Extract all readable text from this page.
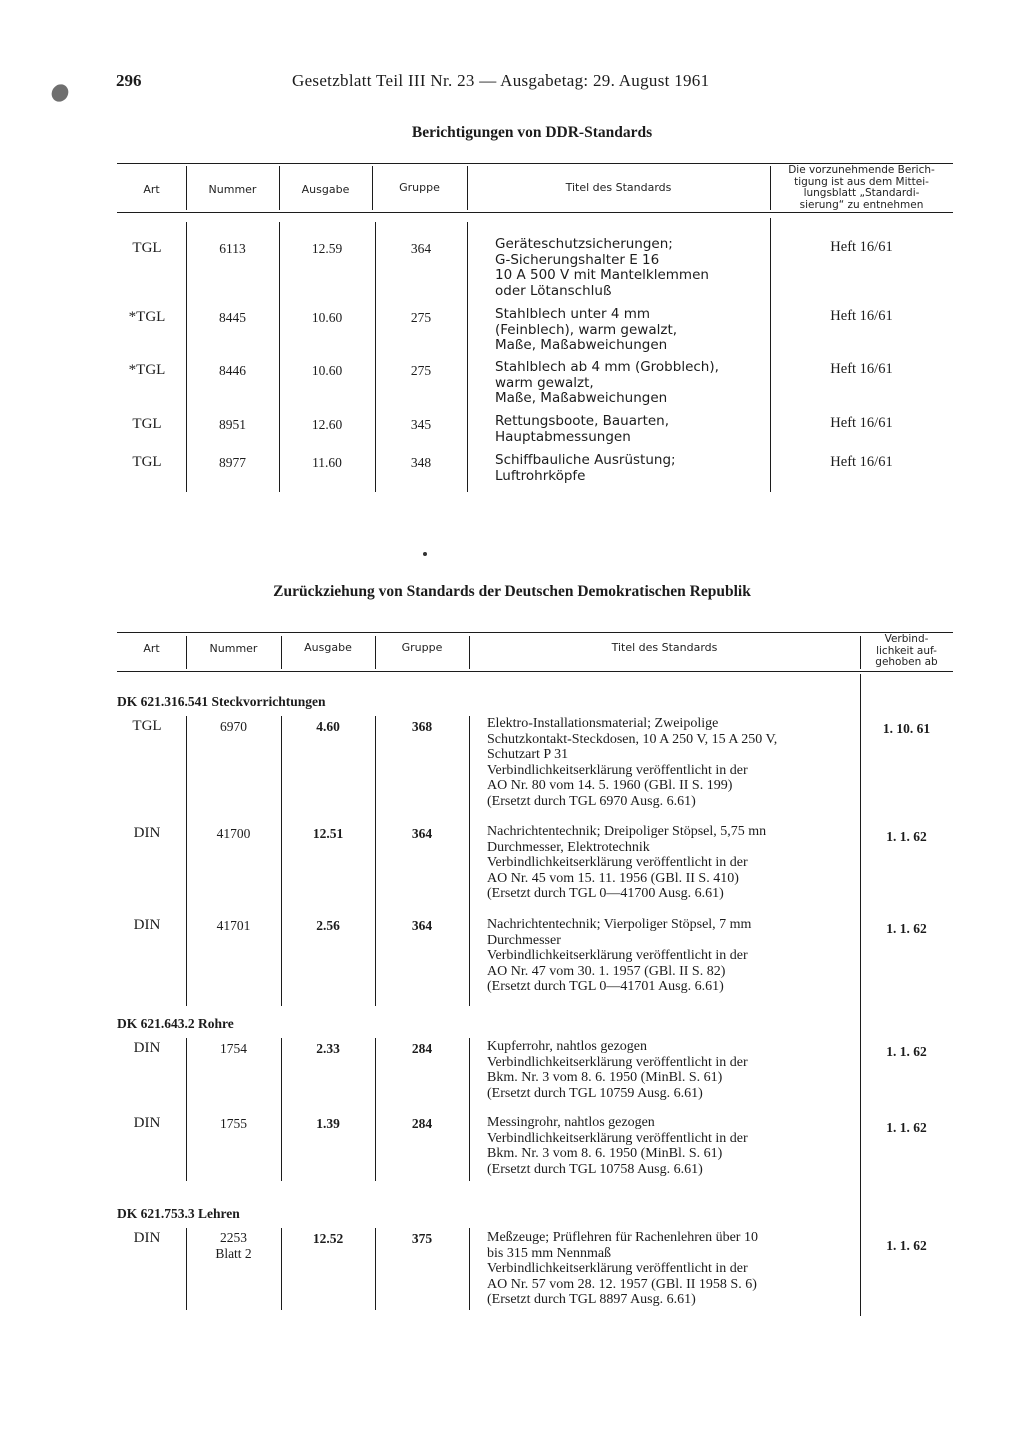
296	Gesetzblatt Teil III Nr. 23 — Ausgabetag: 29. August 1961
Berichtigungen von DDR-Standards
Art	Nummer	Ausgabe	Gruppe	Titel des Standards
Die vorzunehmende Berich-
tigung ist aus dem Mittei-
lungsblatt „Standardi-
sierung“ zu entnehmen
TGL	6113	12.59	364	Geräteschutzsicherungen;
G-Sicherungshalter E 16
10 A 500 V mit Mantelklemmen
oder Lötanschluß
Heft 16/61
*TGL	8445	10.60	275	Stahlblech unter 4 mm
(Feinblech), warm gewalzt,
Maße, Maßabweichungen
Heft 16/61
*TGL	8446	10.60	275	Stahlblech ab 4 mm (Grobblech),
warm gewalzt,
Maße, Maßabweichungen
Heft 16/61
TGL	8951	12.60	345	Rettungsboote, Bauarten,
Hauptabmessungen
Heft 16/61
TGL	8977	11.60	348	Schiffbauliche Ausrüstung;
Luftrohrköpfe
Heft 16/61
Zurückziehung von Standards der Deutschen Demokratischen Republik
Art	Nummer	Ausgabe	Gruppe	Titel des Standards
Verbind-
lichkeit auf-
gehoben ab
DK 621.316.541 Steckvorrichtungen
TGL	6970	4.60	368	Elektro-Installationsmaterial; Zweipolige
Schutzkontakt-Steckdosen, 10 A 250 V, 15 A 250 V,
Schutzart P 31
Verbindlichkeitserklärung veröffentlicht in der
AO Nr. 80 vom 14. 5. 1960 (GBl. II S. 199)
(Ersetzt durch TGL 6970 Ausg. 6.61)
1. 10. 61
DIN	41700	12.51	364	Nachrichtentechnik; Dreipoliger Stöpsel, 5,75 mn
Durchmesser, Elektrotechnik
Verbindlichkeitserklärung veröffentlicht in der
AO Nr. 45 vom 15. 11. 1956 (GBl. II S. 410)
(Ersetzt durch TGL 0—41700 Ausg. 6.61)
1. 1. 62
DIN	41701	2.56	364	Nachrichtentechnik; Vierpoliger Stöpsel, 7 mm
Durchmesser
Verbindlichkeitserklärung veröffentlicht in der
AO Nr. 47 vom 30. 1. 1957 (GBl. II S. 82)
(Ersetzt durch TGL 0—41701 Ausg. 6.61)
1. 1. 62
DK 621.643.2 Rohre
DIN	1754	2.33	284	Kupferrohr, nahtlos gezogen
Verbindlichkeitserklärung veröffentlicht in der
Bkm. Nr. 3 vom 8. 6. 1950 (MinBl. S. 61)
(Ersetzt durch TGL 10759 Ausg. 6.61)
1. 1. 62
DIN	1755	1.39	284	Messingrohr, nahtlos gezogen
Verbindlichkeitserklärung veröffentlicht in der
Bkm. Nr. 3 vom 8. 6. 1950 (MinBl. S. 61)
(Ersetzt durch TGL 10758 Ausg. 6.61)
1. 1. 62
DK 621.753.3 Lehren
DIN	2253
Blatt 2
12.52	375	Meßzeuge; Prüflehren für Rachenlehren über 10
bis 315 mm Nennmaß
Verbindlichkeitserklärung veröffentlicht in der
AO Nr. 57 vom 28. 12. 1957 (GBl. II 1958 S. 6)
(Ersetzt durch TGL 8897 Ausg. 6.61)
1. 1. 62
